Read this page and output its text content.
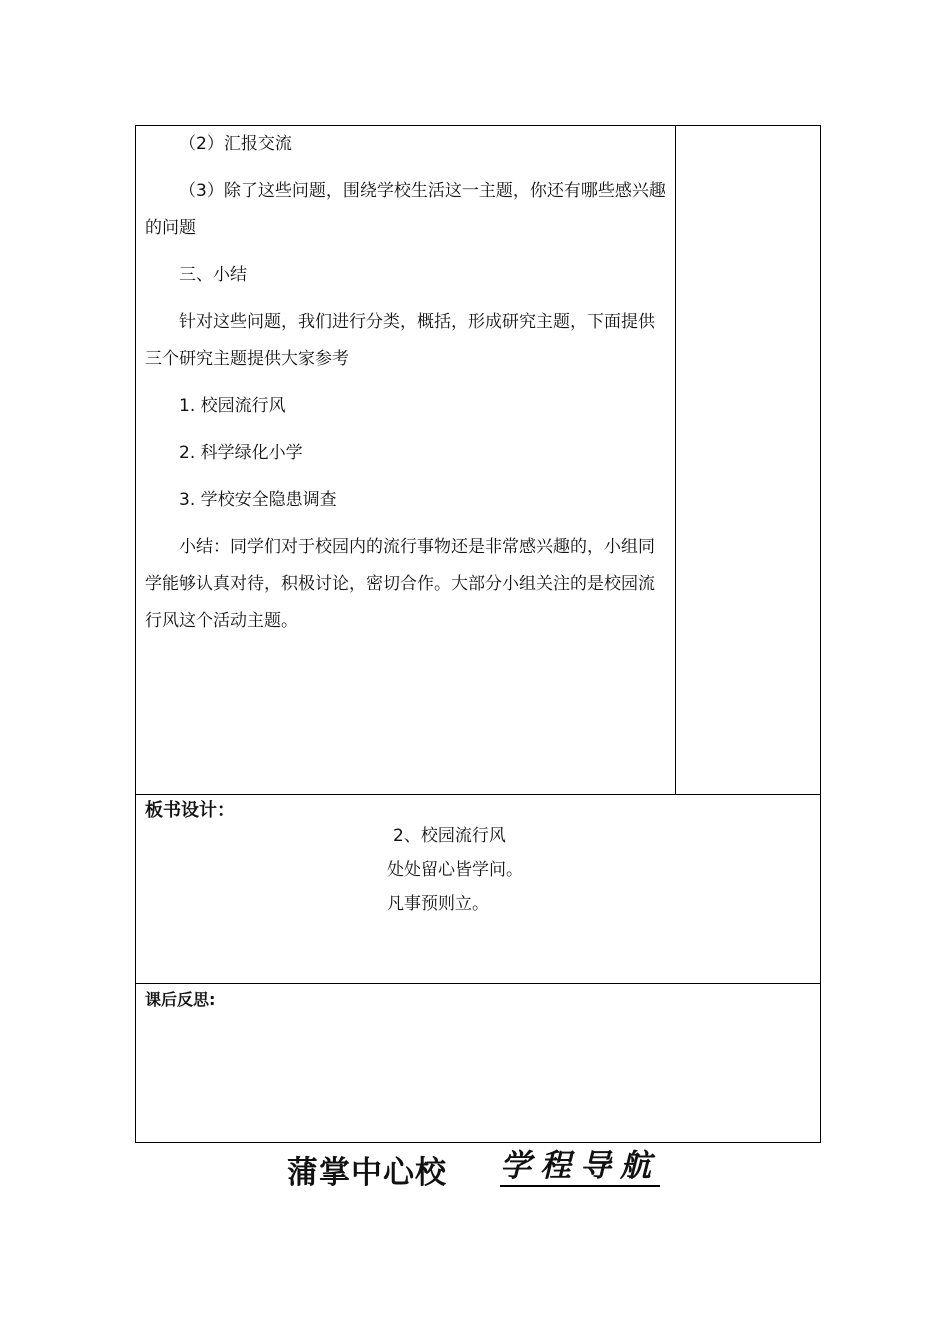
（2）汇报交流

（3）除了这些问题，围绕学校生活这一主题，你还有哪些感兴趣的问题

三、小结

针对这些问题，我们进行分类，概括，形成研究主题，下面提供三个研究主题提供大家参考

1. 校园流行风

2. 科学绿化小学

3. 学校安全隐患调查

小结：同学们对于校园内的流行事物还是非常感兴趣的，小组同学能够认真对待，积极讨论，密切合作。大部分小组关注的是校园流行风这个活动主题。

板书设计：
2、校园流行风
处处留心皆学问。
凡事预则立。
课后反思:
蒲掌中心校 学程导航
